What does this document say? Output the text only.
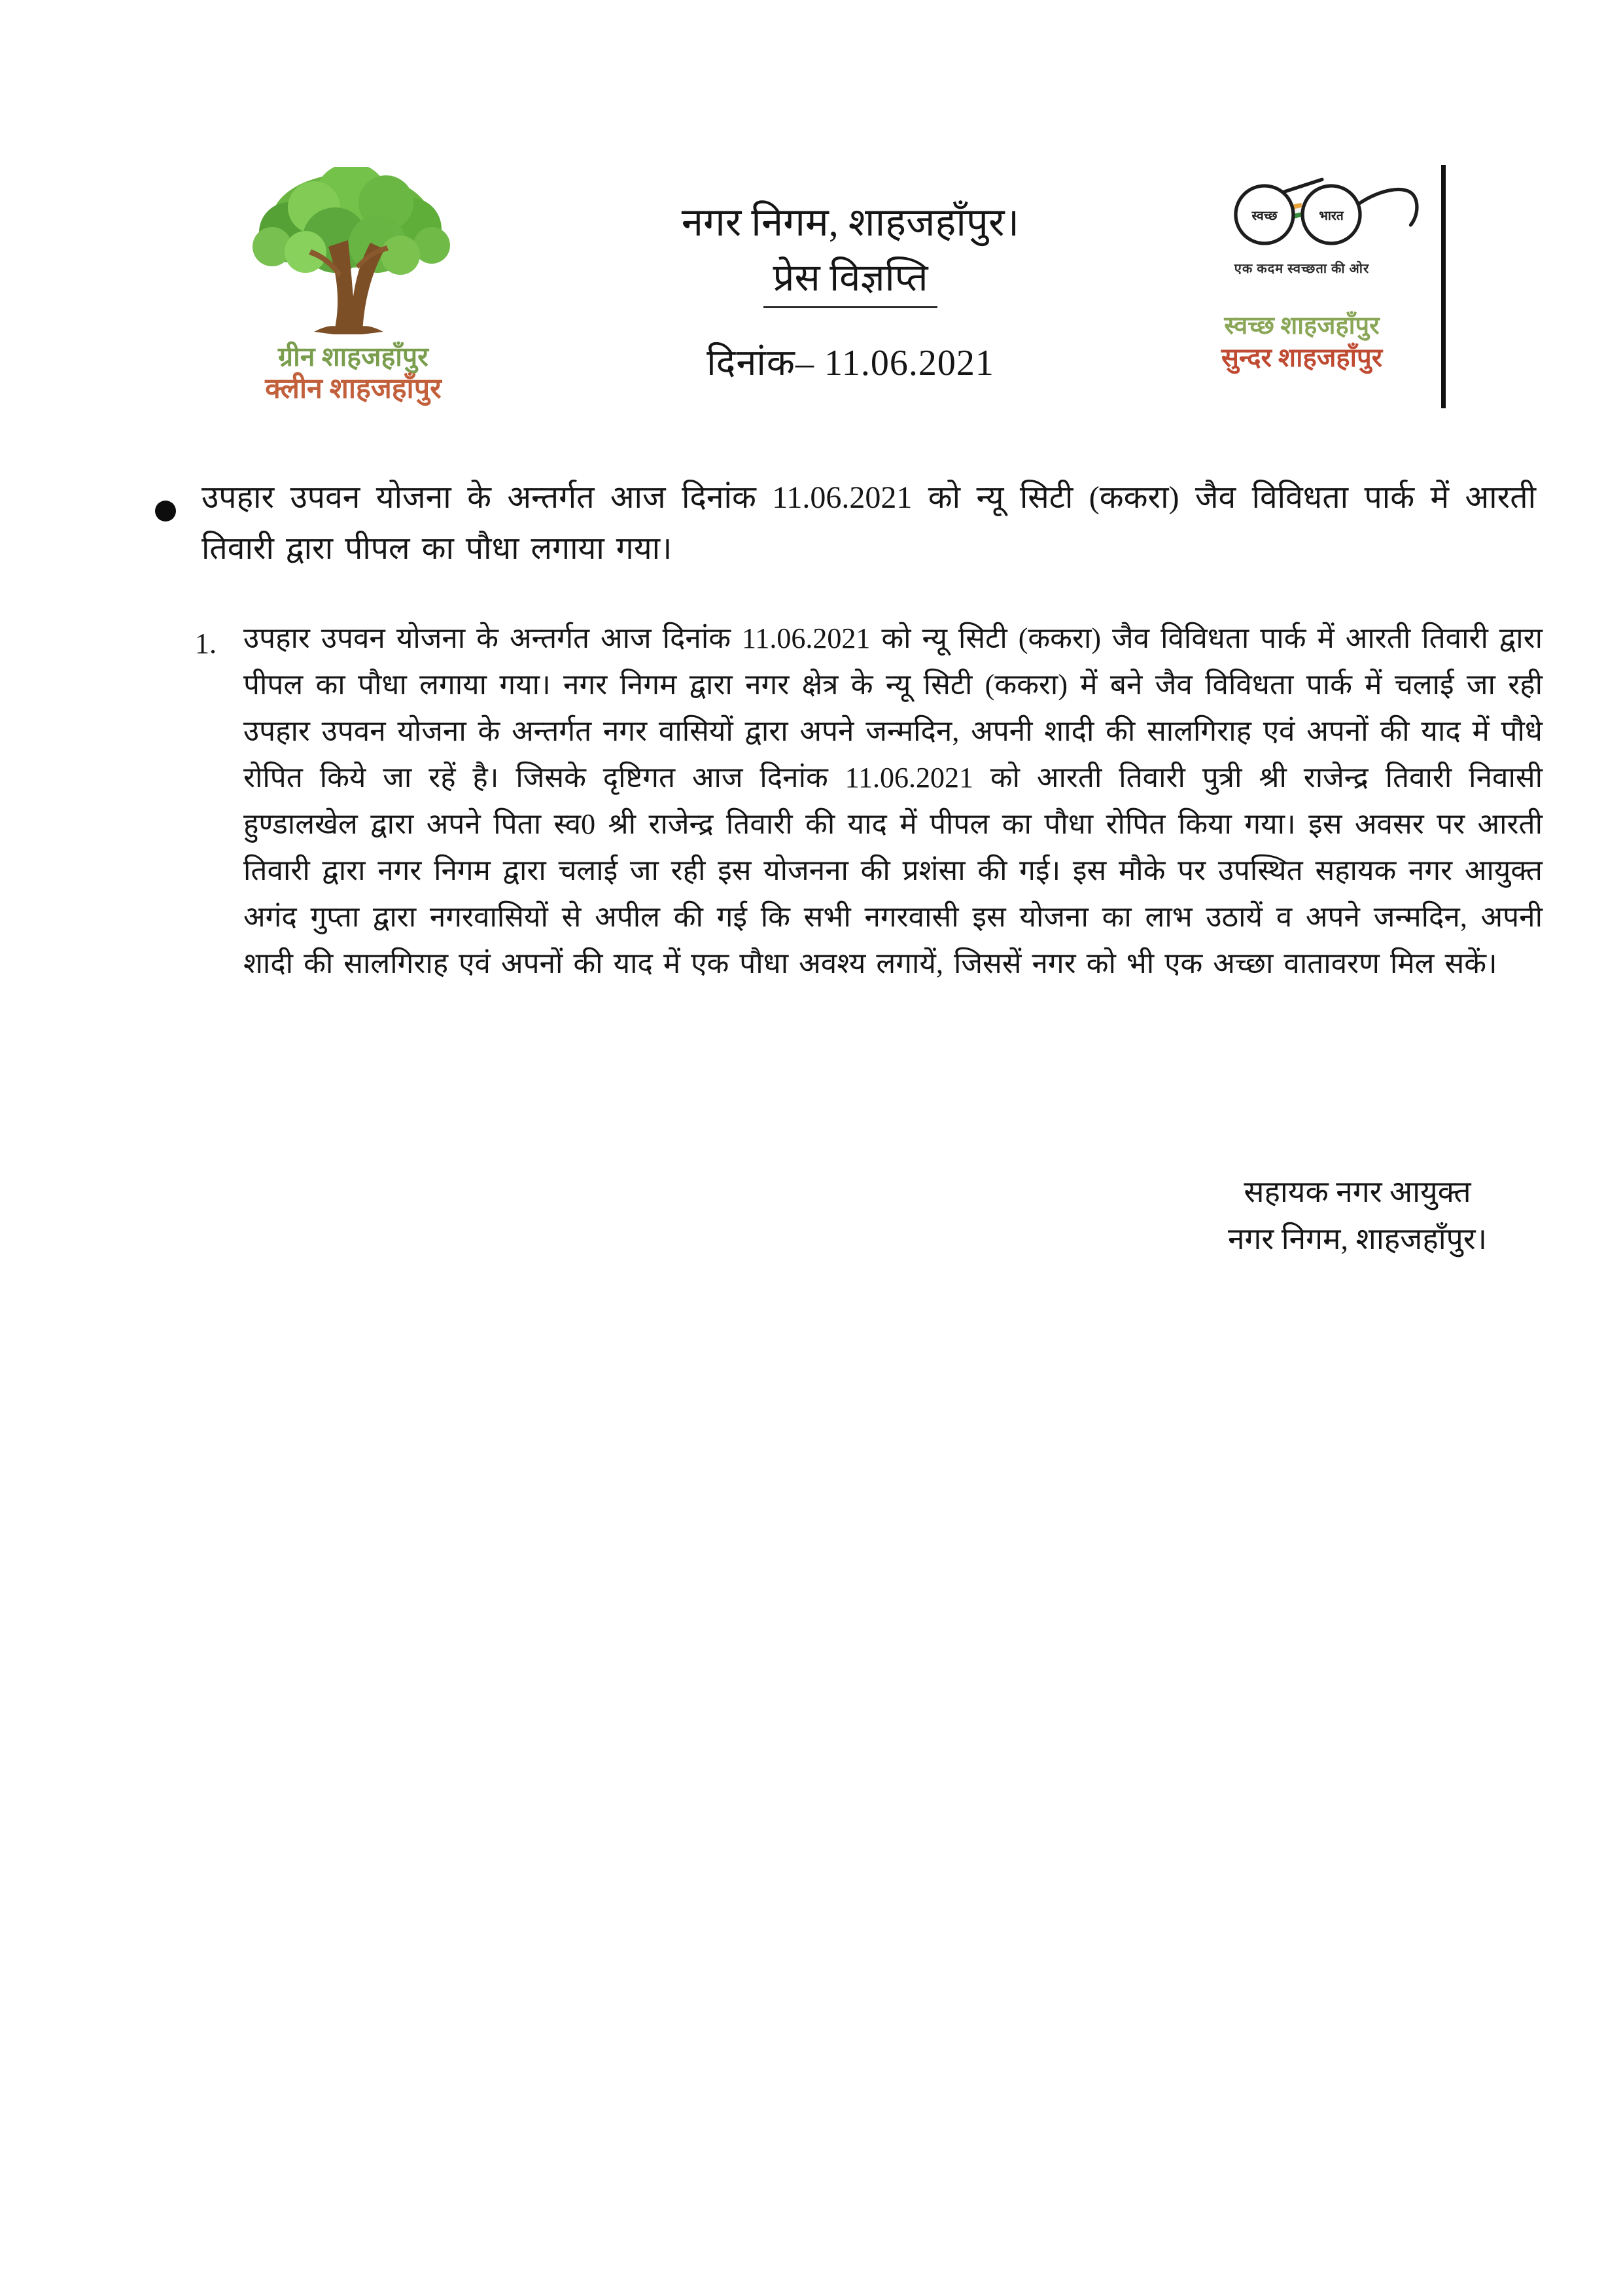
ग्रीन शाहजहाँपुर
क्लीन शाहजहाँपुर
नगर निगम, शाहजहाँपुर।
प्रेस विज्ञप्ति
दिनांक– 11.06.2021
स्वच्छ	भारत
एक कदम स्वच्छता की ओर
स्वच्छ शाहजहाँपुर
सुन्दर शाहजहाँपुर

उपहार उपवन योजना के अन्तर्गत आज दिनांक 11.06.2021 को न्यू सिटी (ककरा) जैव विविधता पार्क में आरती तिवारी द्वारा पीपल का पौधा लगाया गया।

1. उपहार उपवन योजना के अन्तर्गत आज दिनांक 11.06.2021 को न्यू सिटी (ककरा) जैव विविधता पार्क में आरती तिवारी द्वारा पीपल का पौधा लगाया गया। नगर निगम द्वारा नगर क्षेत्र के न्यू सिटी (ककरा) में बने जैव विविधता पार्क में चलाई जा रही उपहार उपवन योजना के अन्तर्गत नगर वासियों द्वारा अपने जन्मदिन, अपनी शादी की सालगिराह एवं अपनों की याद में पौधे रोपित किये जा रहें है। जिसके दृष्टिगत आज दिनांक 11.06.2021 को आरती तिवारी पुत्री श्री राजेन्द्र तिवारी निवासी हुण्डालखेल द्वारा अपने पिता स्व0 श्री राजेन्द्र तिवारी की याद में पीपल का पौधा रोपित किया गया। इस अवसर पर आरती तिवारी द्वारा नगर निगम द्वारा चलाई जा रही इस योजनना की प्रशंसा की गई। इस मौके पर उपस्थित सहायक नगर आयुक्त अगंद गुप्ता द्वारा नगरवासियों से अपील की गई कि सभी नगरवासी इस योजना का लाभ उठायें व अपने जन्मदिन, अपनी शादी की सालगिराह एवं अपनों की याद में एक पौधा अवश्य लगायें, जिससें नगर को भी एक अच्छा वातावरण मिल सकें।

सहायक नगर आयुक्त
नगर निगम, शाहजहाँपुर।
